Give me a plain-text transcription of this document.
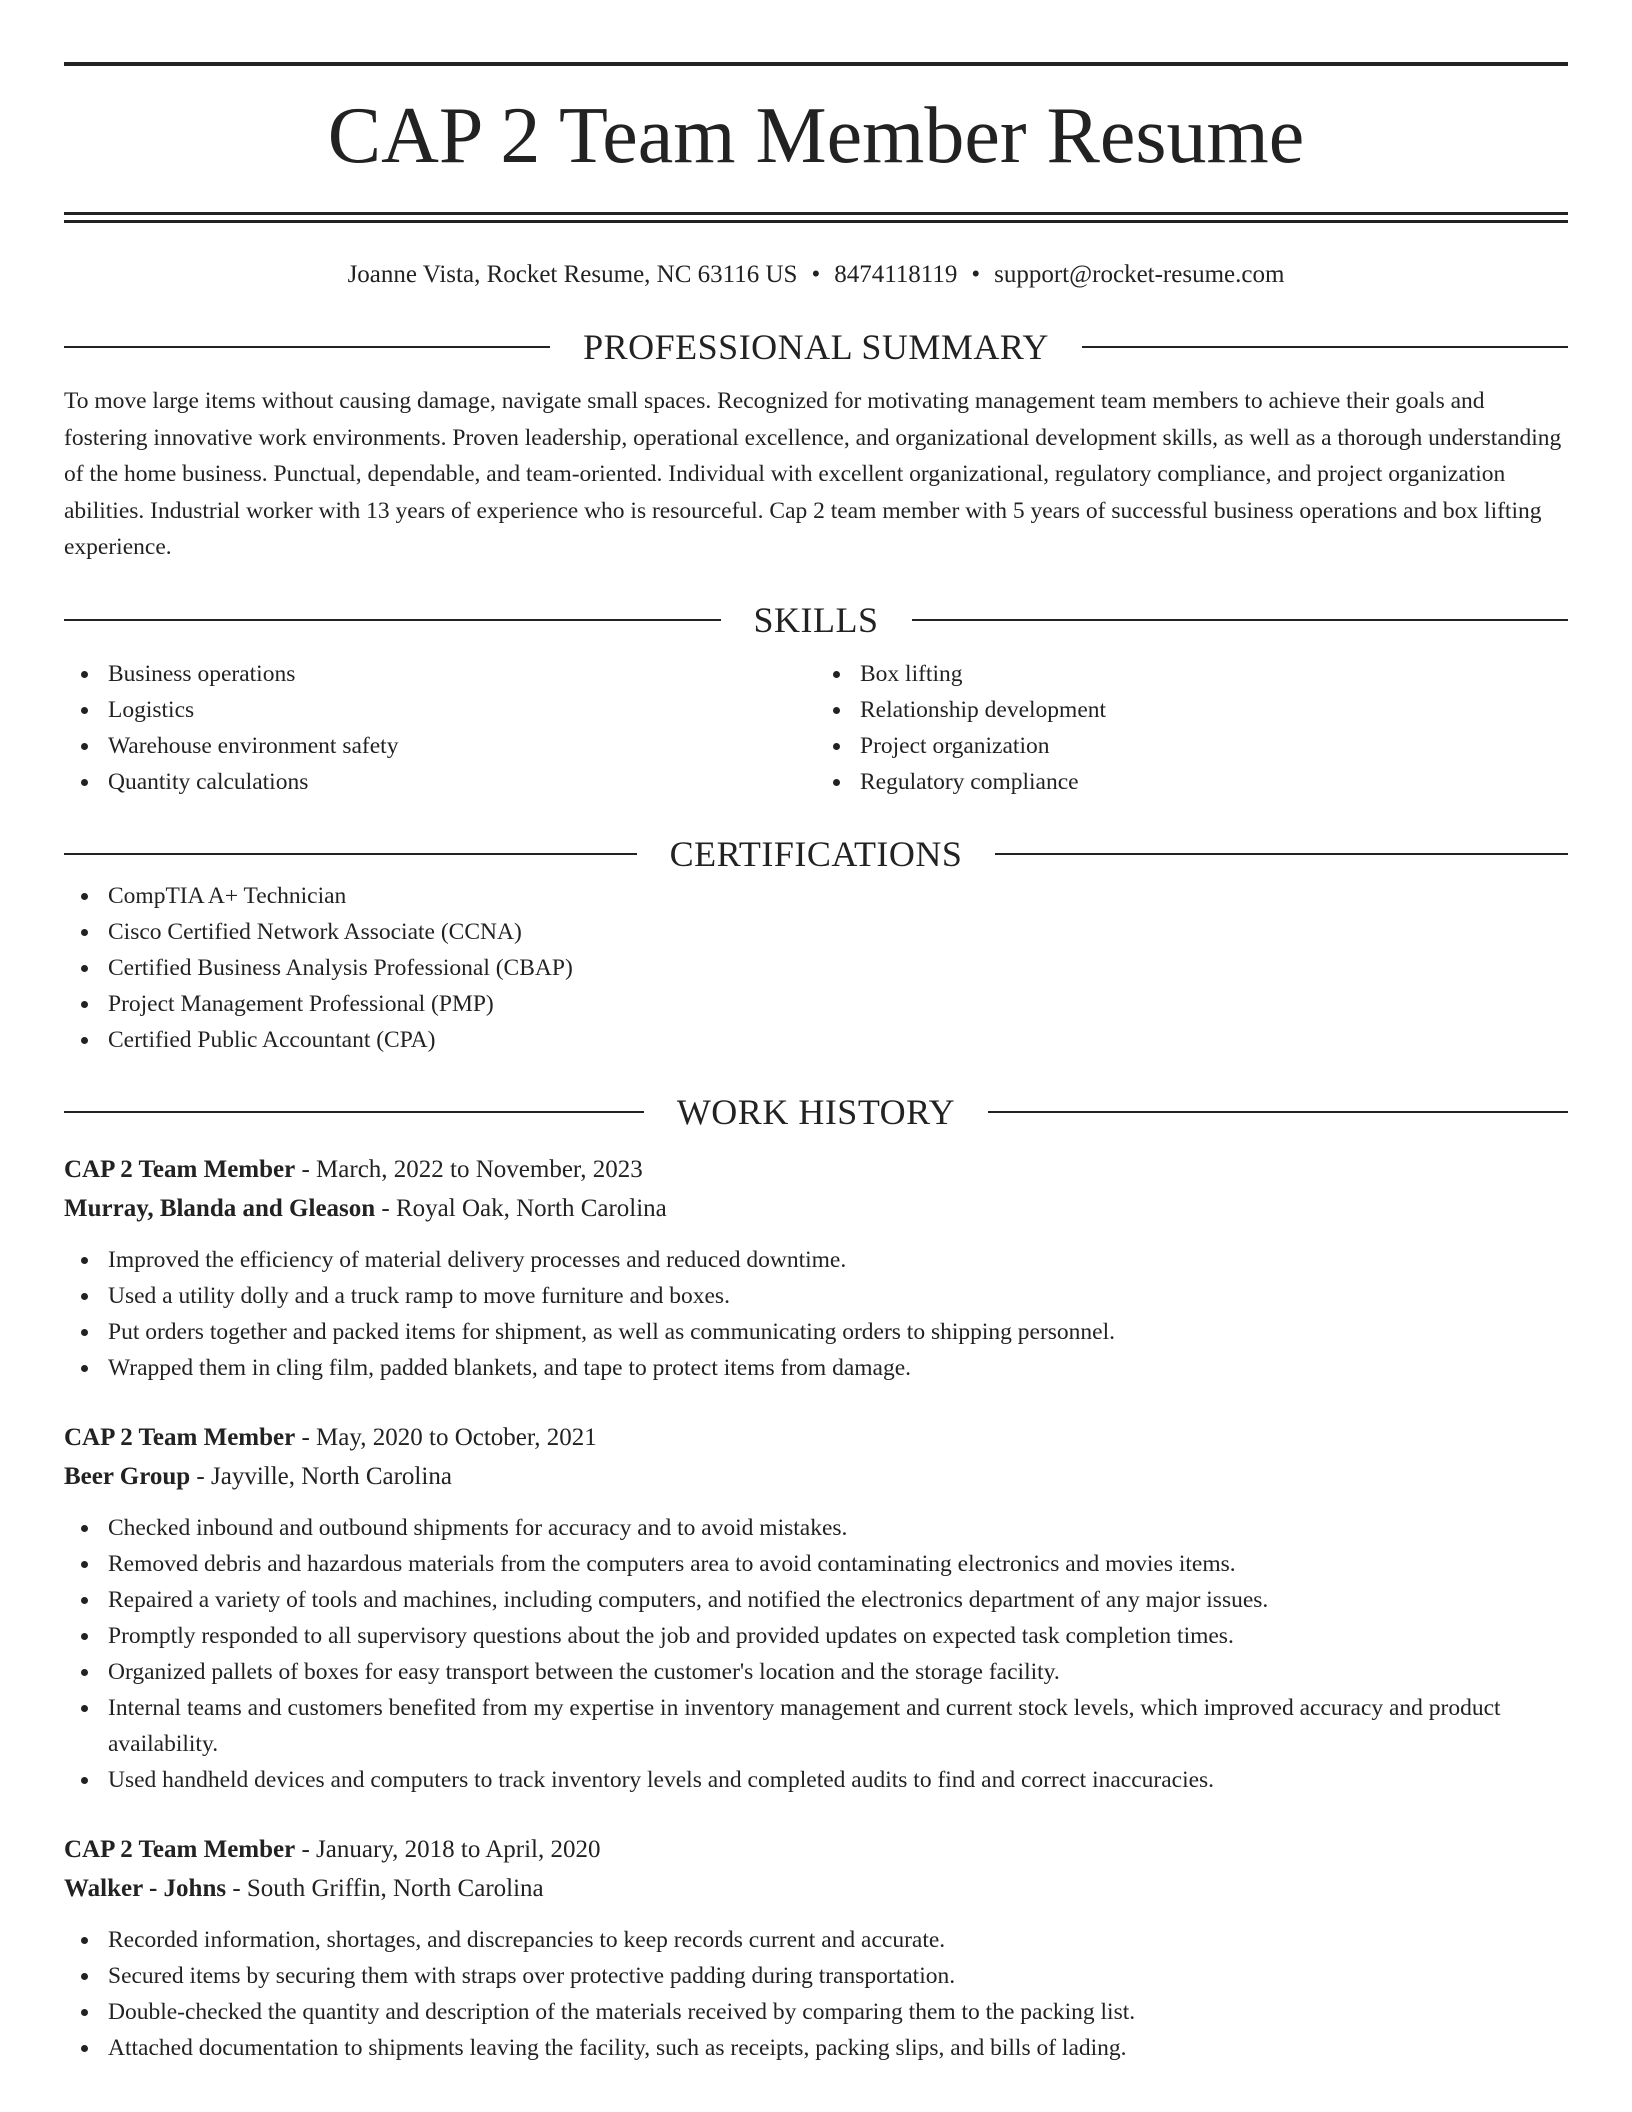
CAP 2 Team Member Resume
Joanne Vista, Rocket Resume, NC 63116 US • 8474118119 • support@rocket-resume.com
PROFESSIONAL SUMMARY

To move large items without causing damage, navigate small spaces. Recognized for motivating management team members to achieve their goals and fostering innovative work environments. Proven leadership, operational excellence, and organizational development skills, as well as a thorough understanding of the home business. Punctual, dependable, and team-oriented. Individual with excellent organizational, regulatory compliance, and project organization abilities. Industrial worker with 13 years of experience who is resourceful. Cap 2 team member with 5 years of successful business operations and box lifting experience.

SKILLS
Business operations
Logistics
Warehouse environment safety
Quantity calculations
Box lifting
Relationship development
Project organization
Regulatory compliance
CERTIFICATIONS
CompTIA A+ Technician
Cisco Certified Network Associate (CCNA)
Certified Business Analysis Professional (CBAP)
Project Management Professional (PMP)
Certified Public Accountant (CPA)
WORK HISTORY
CAP 2 Team Member - March, 2022 to November, 2023
Murray, Blanda and Gleason - Royal Oak, North Carolina
Improved the efficiency of material delivery processes and reduced downtime.
Used a utility dolly and a truck ramp to move furniture and boxes.
Put orders together and packed items for shipment, as well as communicating orders to shipping personnel.
Wrapped them in cling film, padded blankets, and tape to protect items from damage.
CAP 2 Team Member - May, 2020 to October, 2021
Beer Group - Jayville, North Carolina
Checked inbound and outbound shipments for accuracy and to avoid mistakes.
Removed debris and hazardous materials from the computers area to avoid contaminating electronics and movies items.
Repaired a variety of tools and machines, including computers, and notified the electronics department of any major issues.
Promptly responded to all supervisory questions about the job and provided updates on expected task completion times.
Organized pallets of boxes for easy transport between the customer's location and the storage facility.
Internal teams and customers benefited from my expertise in inventory management and current stock levels, which improved accuracy and product availability.
Used handheld devices and computers to track inventory levels and completed audits to find and correct inaccuracies.
CAP 2 Team Member - January, 2018 to April, 2020
Walker - Johns - South Griffin, North Carolina
Recorded information, shortages, and discrepancies to keep records current and accurate.
Secured items by securing them with straps over protective padding during transportation.
Double-checked the quantity and description of the materials received by comparing them to the packing list.
Attached documentation to shipments leaving the facility, such as receipts, packing slips, and bills of lading.
